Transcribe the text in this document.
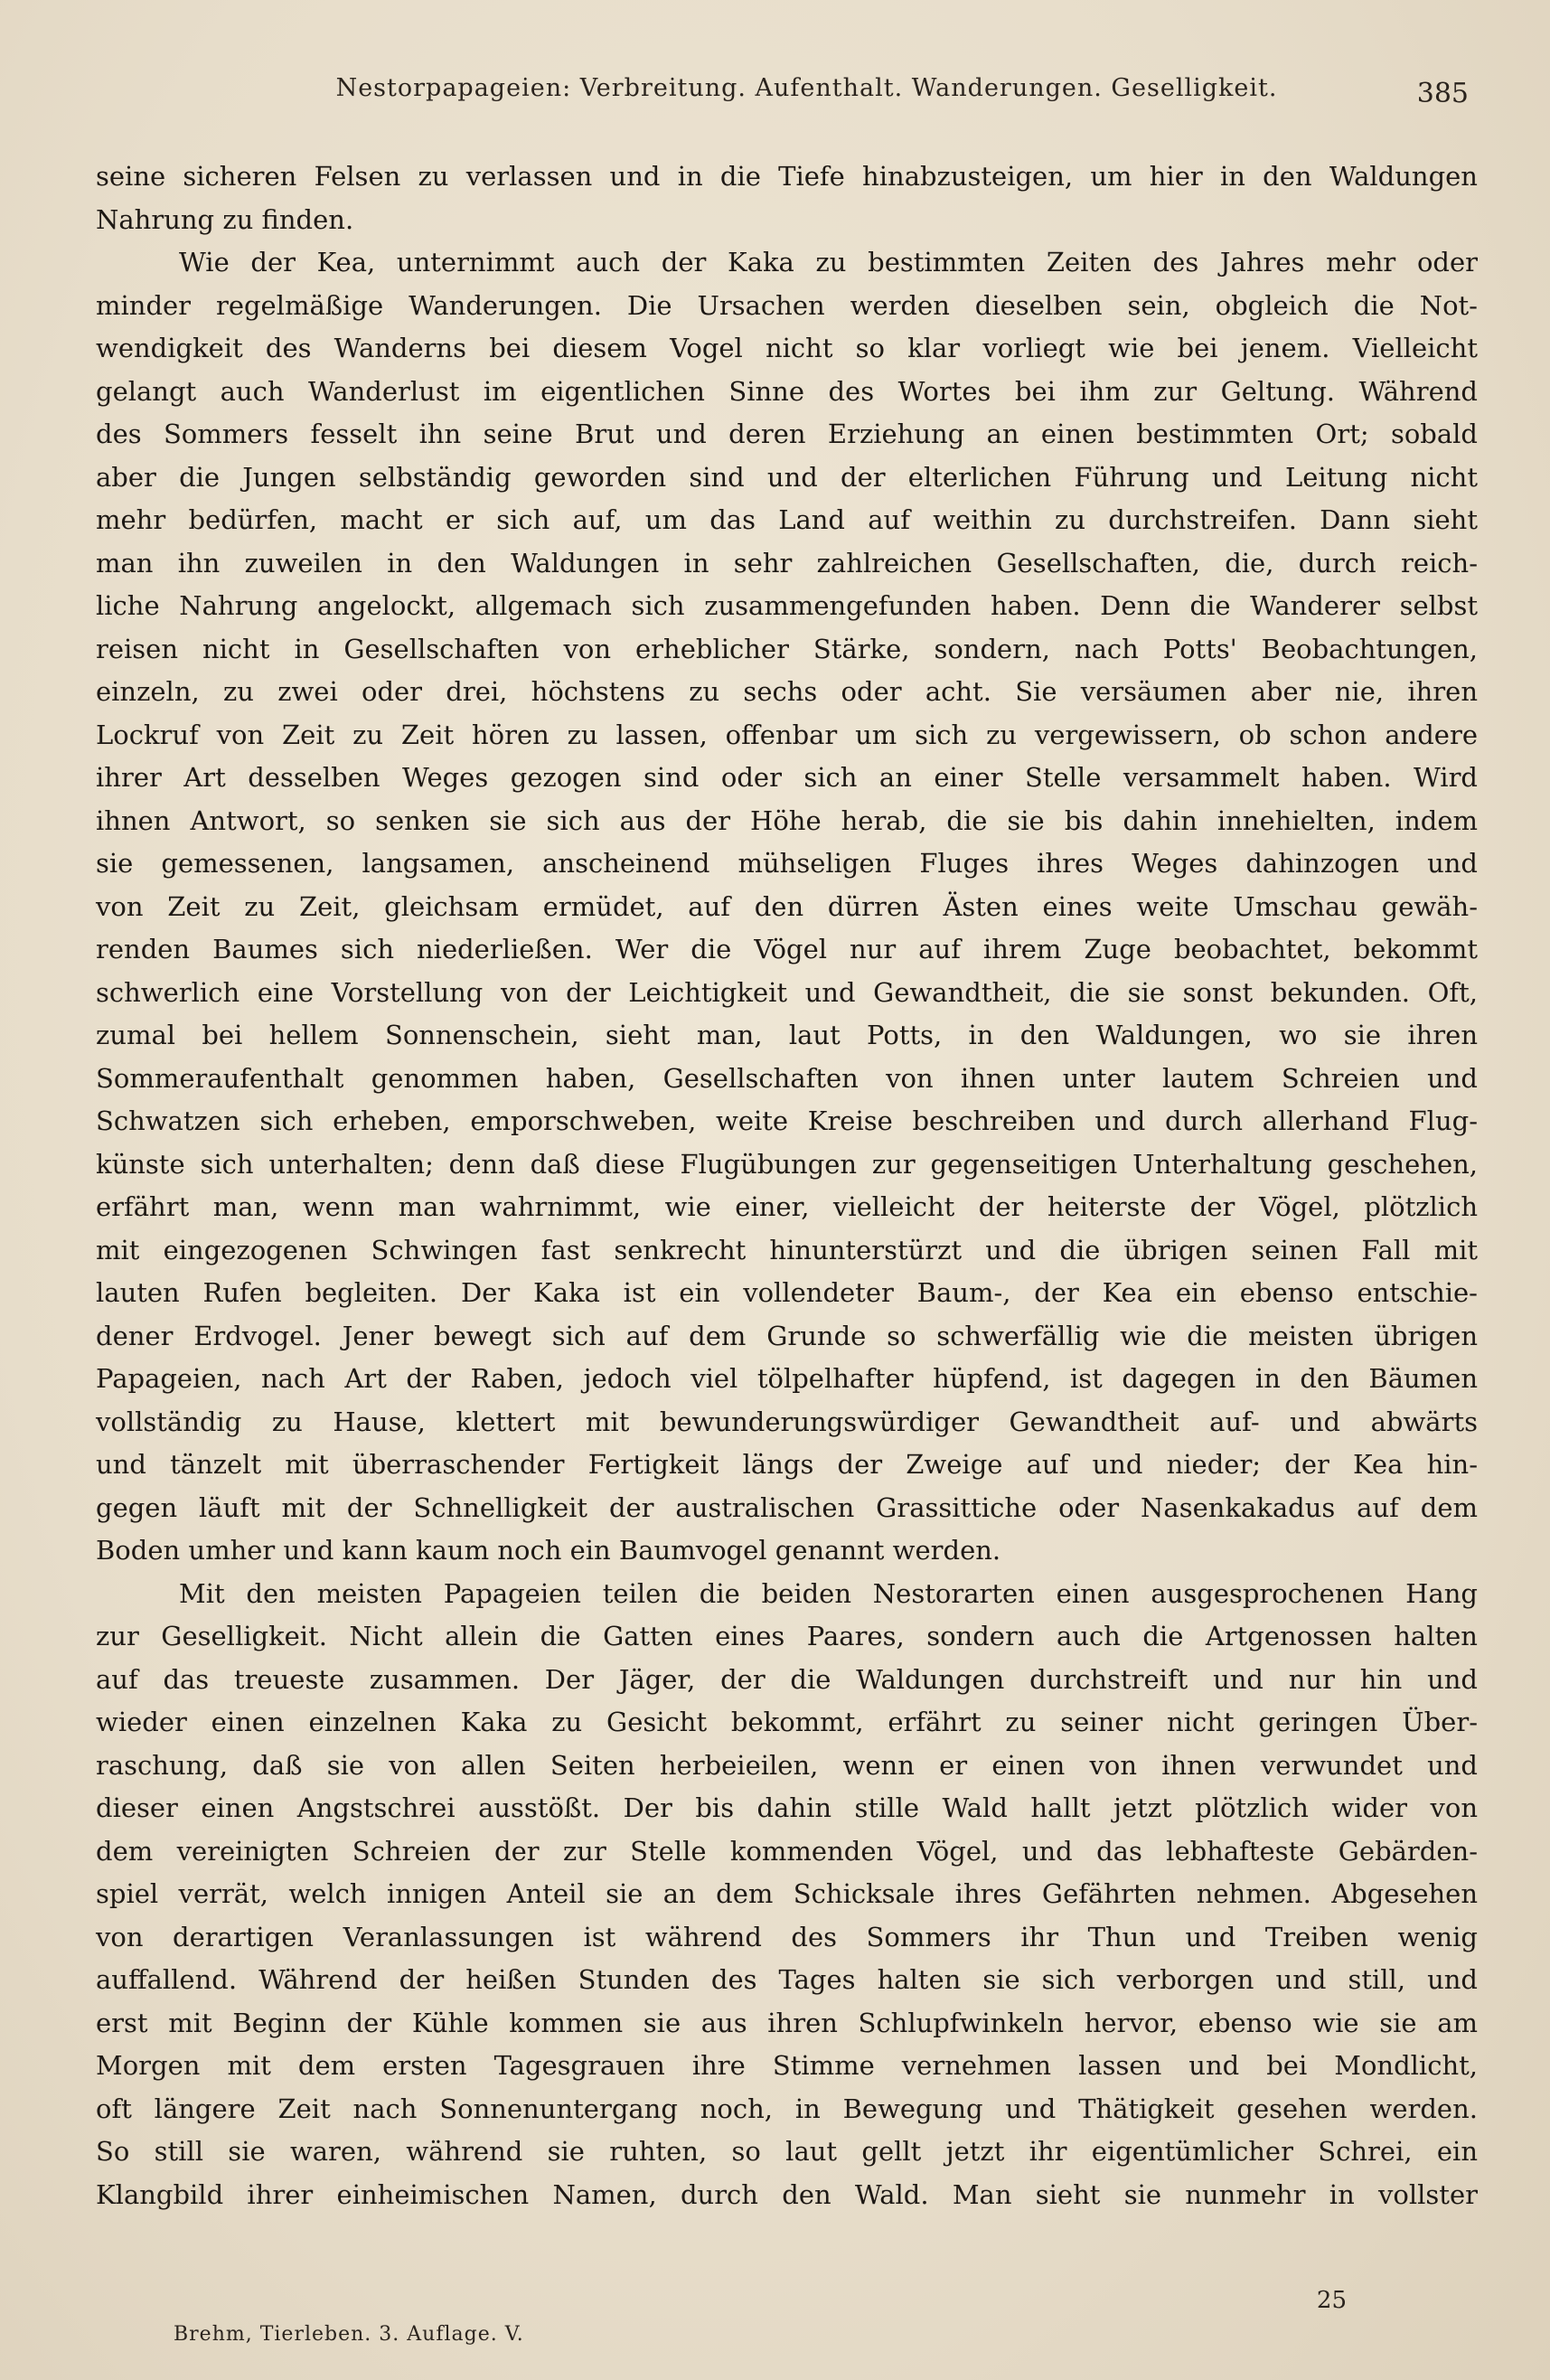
Nestorpapageien: Verbreitung. Aufenthalt. Wanderungen. Geselligkeit.	385

seine sicheren Felsen zu verlassen und in die Tiefe hinabzusteigen, um hier in den Waldungen
Nahrung zu finden.

Wie der Kea, unternimmt auch der Kaka zu bestimmten Zeiten des Jahres mehr oder
minder regelmäßige Wanderungen. Die Ursachen werden dieselben sein, obgleich die Not-
wendigkeit des Wanderns bei diesem Vogel nicht so klar vorliegt wie bei jenem. Vielleicht
gelangt auch Wanderlust im eigentlichen Sinne des Wortes bei ihm zur Geltung. Während
des Sommers fesselt ihn seine Brut und deren Erziehung an einen bestimmten Ort; sobald
aber die Jungen selbständig geworden sind und der elterlichen Führung und Leitung nicht
mehr bedürfen, macht er sich auf, um das Land auf weithin zu durchstreifen. Dann sieht
man ihn zuweilen in den Waldungen in sehr zahlreichen Gesellschaften, die, durch reich-
liche Nahrung angelockt, allgemach sich zusammengefunden haben. Denn die Wanderer selbst
reisen nicht in Gesellschaften von erheblicher Stärke, sondern, nach Potts' Beobachtungen,
einzeln, zu zwei oder drei, höchstens zu sechs oder acht. Sie versäumen aber nie, ihren
Lockruf von Zeit zu Zeit hören zu lassen, offenbar um sich zu vergewissern, ob schon andere
ihrer Art desselben Weges gezogen sind oder sich an einer Stelle versammelt haben. Wird
ihnen Antwort, so senken sie sich aus der Höhe herab, die sie bis dahin innehielten, indem
sie gemessenen, langsamen, anscheinend mühseligen Fluges ihres Weges dahinzogen und
von Zeit zu Zeit, gleichsam ermüdet, auf den dürren Ästen eines weite Umschau gewäh-
renden Baumes sich niederließen. Wer die Vögel nur auf ihrem Zuge beobachtet, bekommt
schwerlich eine Vorstellung von der Leichtigkeit und Gewandtheit, die sie sonst bekunden. Oft,
zumal bei hellem Sonnenschein, sieht man, laut Potts, in den Waldungen, wo sie ihren
Sommeraufenthalt genommen haben, Gesellschaften von ihnen unter lautem Schreien und
Schwatzen sich erheben, emporschweben, weite Kreise beschreiben und durch allerhand Flug-
künste sich unterhalten; denn daß diese Flugübungen zur gegenseitigen Unterhaltung geschehen,
erfährt man, wenn man wahrnimmt, wie einer, vielleicht der heiterste der Vögel, plötzlich
mit eingezogenen Schwingen fast senkrecht hinunterstürzt und die übrigen seinen Fall mit
lauten Rufen begleiten. Der Kaka ist ein vollendeter Baum-, der Kea ein ebenso entschie-
dener Erdvogel. Jener bewegt sich auf dem Grunde so schwerfällig wie die meisten übrigen
Papageien, nach Art der Raben, jedoch viel tölpelhafter hüpfend, ist dagegen in den Bäumen
vollständig zu Hause, klettert mit bewunderungswürdiger Gewandtheit auf- und abwärts
und tänzelt mit überraschender Fertigkeit längs der Zweige auf und nieder; der Kea hin-
gegen läuft mit der Schnelligkeit der australischen Grassittiche oder Nasenkakadus auf dem
Boden umher und kann kaum noch ein Baumvogel genannt werden.

Mit den meisten Papageien teilen die beiden Nestorarten einen ausgesprochenen Hang
zur Geselligkeit. Nicht allein die Gatten eines Paares, sondern auch die Artgenossen halten
auf das treueste zusammen. Der Jäger, der die Waldungen durchstreift und nur hin und
wieder einen einzelnen Kaka zu Gesicht bekommt, erfährt zu seiner nicht geringen Über-
raschung, daß sie von allen Seiten herbeieilen, wenn er einen von ihnen verwundet und
dieser einen Angstschrei ausstößt. Der bis dahin stille Wald hallt jetzt plötzlich wider von
dem vereinigten Schreien der zur Stelle kommenden Vögel, und das lebhafteste Gebärden-
spiel verrät, welch innigen Anteil sie an dem Schicksale ihres Gefährten nehmen. Abgesehen
von derartigen Veranlassungen ist während des Sommers ihr Thun und Treiben wenig
auffallend. Während der heißen Stunden des Tages halten sie sich verborgen und still, und
erst mit Beginn der Kühle kommen sie aus ihren Schlupfwinkeln hervor, ebenso wie sie am
Morgen mit dem ersten Tagesgrauen ihre Stimme vernehmen lassen und bei Mondlicht,
oft längere Zeit nach Sonnenuntergang noch, in Bewegung und Thätigkeit gesehen werden.
So still sie waren, während sie ruhten, so laut gellt jetzt ihr eigentümlicher Schrei, ein
Klangbild ihrer einheimischen Namen, durch den Wald. Man sieht sie nunmehr in vollster

Brehm, Tierleben. 3. Auflage. V.
25
